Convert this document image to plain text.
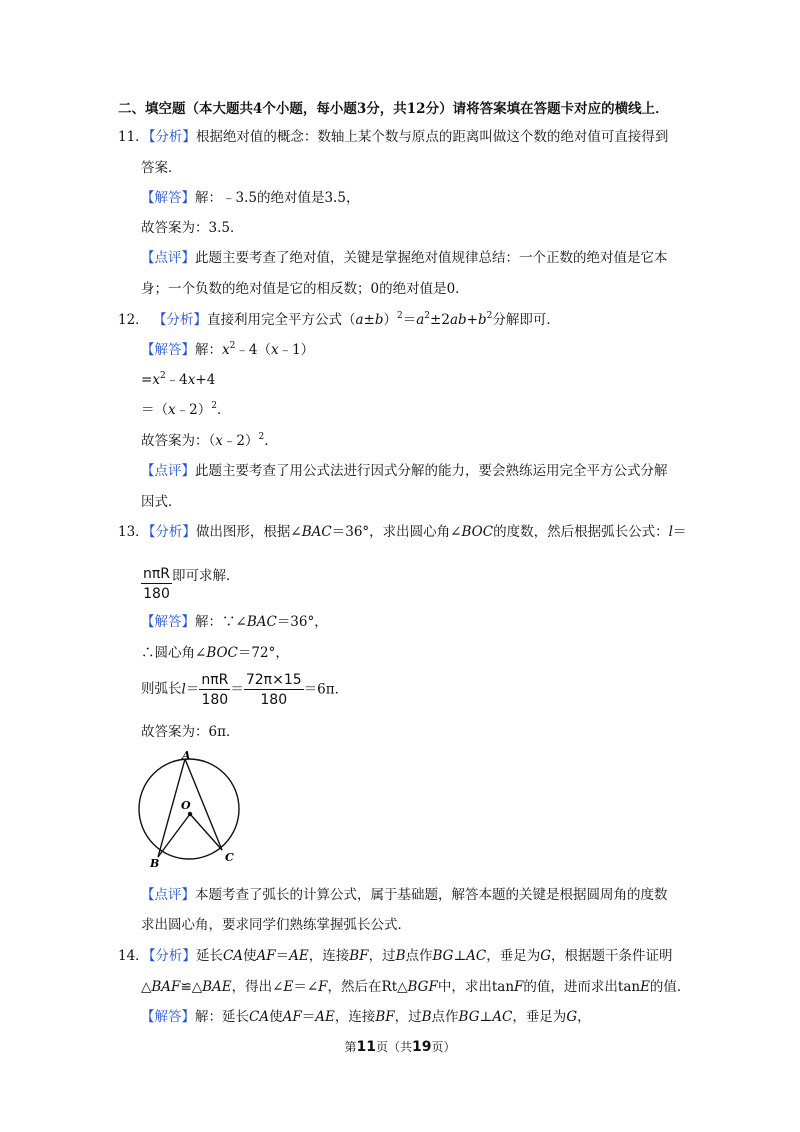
二、填空题（本大题共4个小题，每小题3分，共12分）请将答案填在答题卡对应的横线上．
11．【分析】根据绝对值的概念：数轴上某个数与原点的距离叫做这个数的绝对值可直接得到
答案．
【解答】解：﹣3.5的绝对值是3.5，
故答案为：3.5．
【点评】此题主要考查了绝对值，关键是掌握绝对值规律总结：一个正数的绝对值是它本
身；一个负数的绝对值是它的相反数；0的绝对值是0．
12． 【分析】直接利用完全平方公式$(a\pm b)^2=a^2\pm 2ab+b^2$分解即可．
【解答】解：$x^2﹣4(x﹣1)$
$=x^2﹣4x+4$
＝（x﹣2）$^2$．
故答案为：（x﹣2）$^2$．
【点评】此题主要考查了用公式法进行因式分解的能力，要会熟练运用完全平方公式分解
因式．
13．【分析】做出图形，根据∠BAC＝36°，求出圆心角∠BOC的度数，然后根据弧长公式：l＝
$\frac{\text{nπR}}{180}$ 即可求解．
【解答】解：∵∠BAC＝36°，
∴圆心角∠BOC＝72°，
则弧长$l= \frac{\text{nπR}}{180} = \frac{72\pi\times 15}{180} =6\pi$．
故答案为：6π．
A
O
B	C
【点评】本题考查了弧长的计算公式，属于基础题，解答本题的关键是根据圆周角的度数
求出圆心角，要求同学们熟练掌握弧长公式．
14．【分析】延长CA使AF＝AE，连接BF，过B点作BG⊥AC，垂足为G，根据题干条件证明
△BAF≌△BAE，得出∠E＝∠F，然后在Rt△BGF中，求出tanF的值，进而求出tanE的值．
【解答】解：延长CA使AF＝AE，连接BF，过B点作BG⊥AC，垂足为G，
第11页（共19页）
